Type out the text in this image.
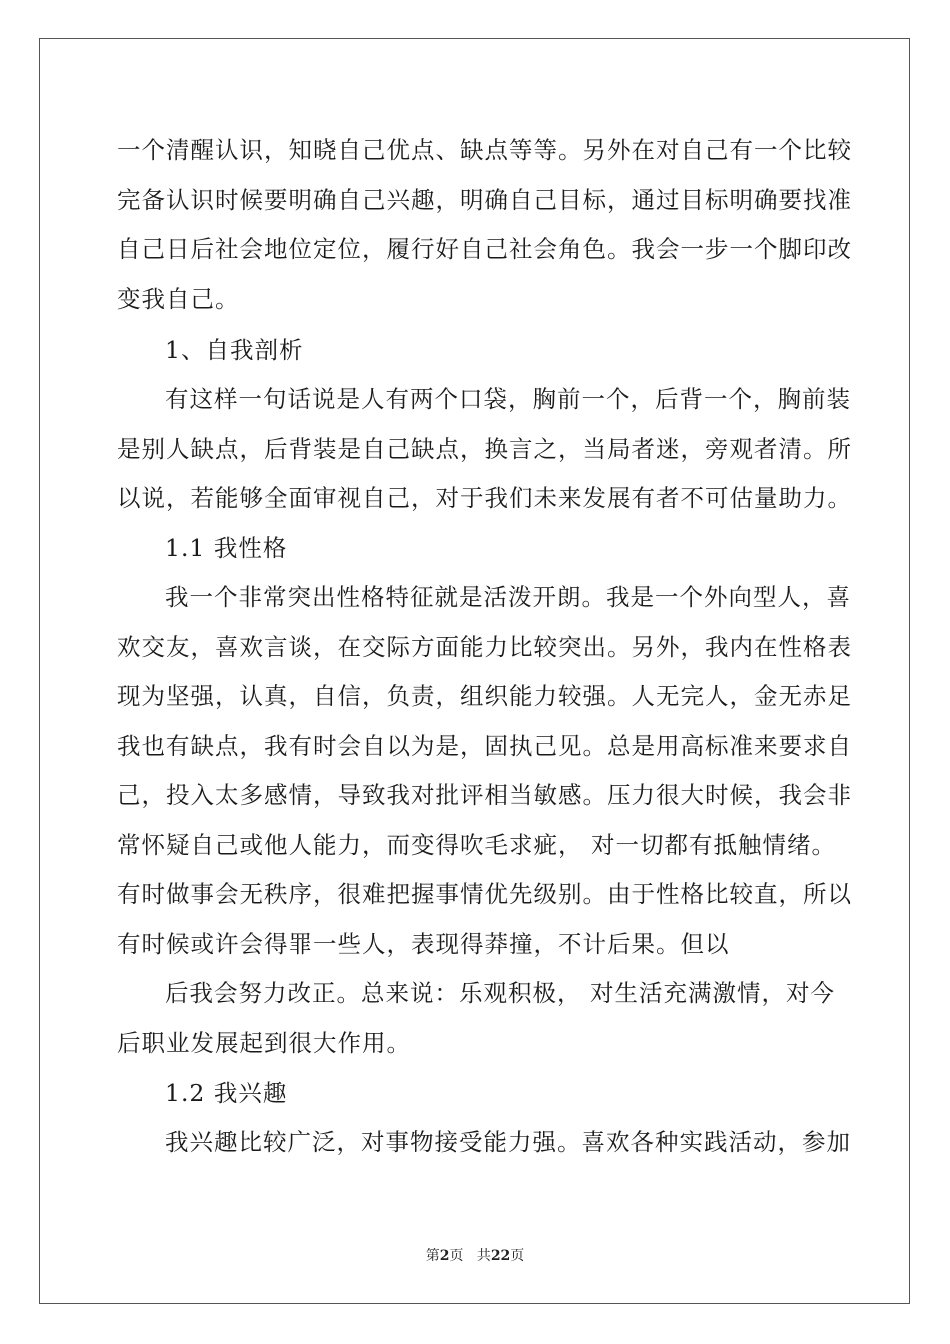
一个清醒认识，知晓自己优点、缺点等等。另外在对自己有一个比较
完备认识时候要明确自己兴趣，明确自己目标，通过目标明确要找准
自己日后社会地位定位，履行好自己社会角色。我会一步一个脚印改
变我自己。
1、自我剖析
有这样一句话说是人有两个口袋，胸前一个，后背一个，胸前装
是别人缺点，后背装是自己缺点，换言之，当局者迷，旁观者清。所
以说，若能够全面审视自己，对于我们未来发展有者不可估量助力。
1.1 我性格
我一个非常突出性格特征就是活泼开朗。我是一个外向型人，喜
欢交友，喜欢言谈，在交际方面能力比较突出。另外，我内在性格表
现为坚强，认真，自信，负责，组织能力较强。人无完人，金无赤足
我也有缺点，我有时会自以为是，固执己见。总是用高标准来要求自
己，投入太多感情，导致我对批评相当敏感。压力很大时候，我会非
常怀疑自己或他人能力，而变得吹毛求疵， 对一切都有抵触情绪。
有时做事会无秩序，很难把握事情优先级别。由于性格比较直，所以
有时候或许会得罪一些人，表现得莽撞，不计后果。但以
后我会努力改正。总来说：乐观积极， 对生活充满激情，对今
后职业发展起到很大作用。
1.2 我兴趣
我兴趣比较广泛，对事物接受能力强。喜欢各种实践活动，参加
第2页 共22页
